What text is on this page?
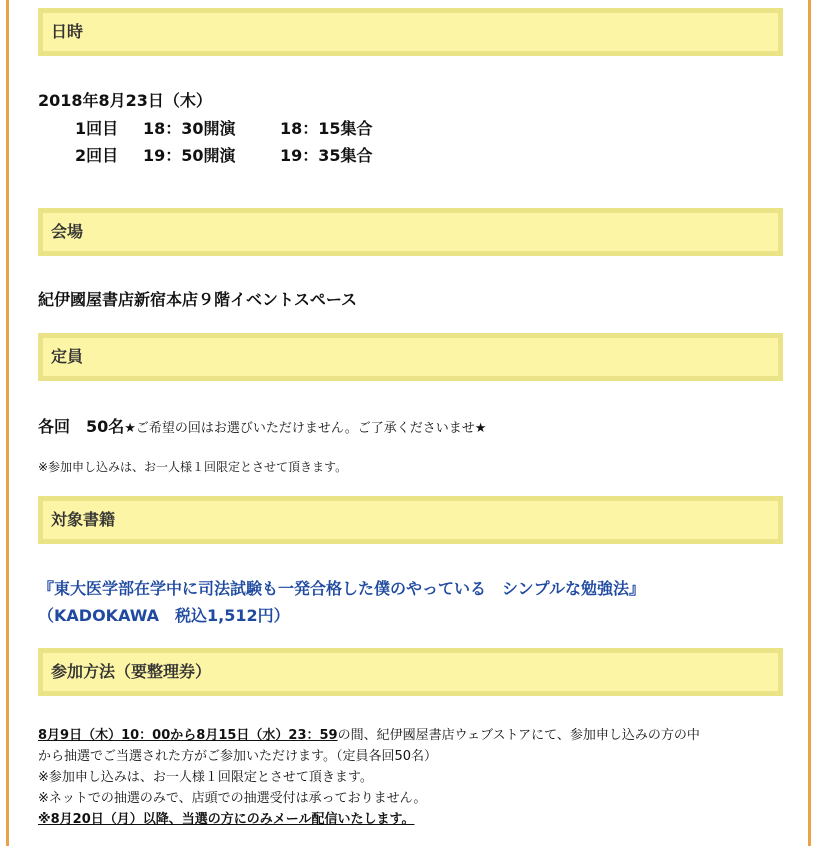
日時
2018年8月23日（木）
1回目 18：30開演	18：15集合
2回目 19：50開演	19：35集合
会場
紀伊國屋書店新宿本店９階イベントスペース
定員
各回　50名★ご希望の回はお選びいただけません。ご了承くださいませ★
※参加申し込みは、お一人様１回限定とさせて頂きます。
対象書籍
『東大医学部在学中に司法試験も一発合格した僕のやっている　シンプルな勉強法』
（KADOKAWA　税込1,512円）
参加方法（要整理券）
8月9日（木）10：00から8月15日（水）23：59の間、紀伊國屋書店ウェブストアにて、参加申し込みの方の中
から抽選でご当選された方がご参加いただけます。（定員各回50名）
※参加申し込みは、お一人様１回限定とさせて頂きます。
※ネットでの抽選のみで、店頭での抽選受付は承っておりません。
※8月20日（月）以降、当選の方にのみメール配信いたします。
